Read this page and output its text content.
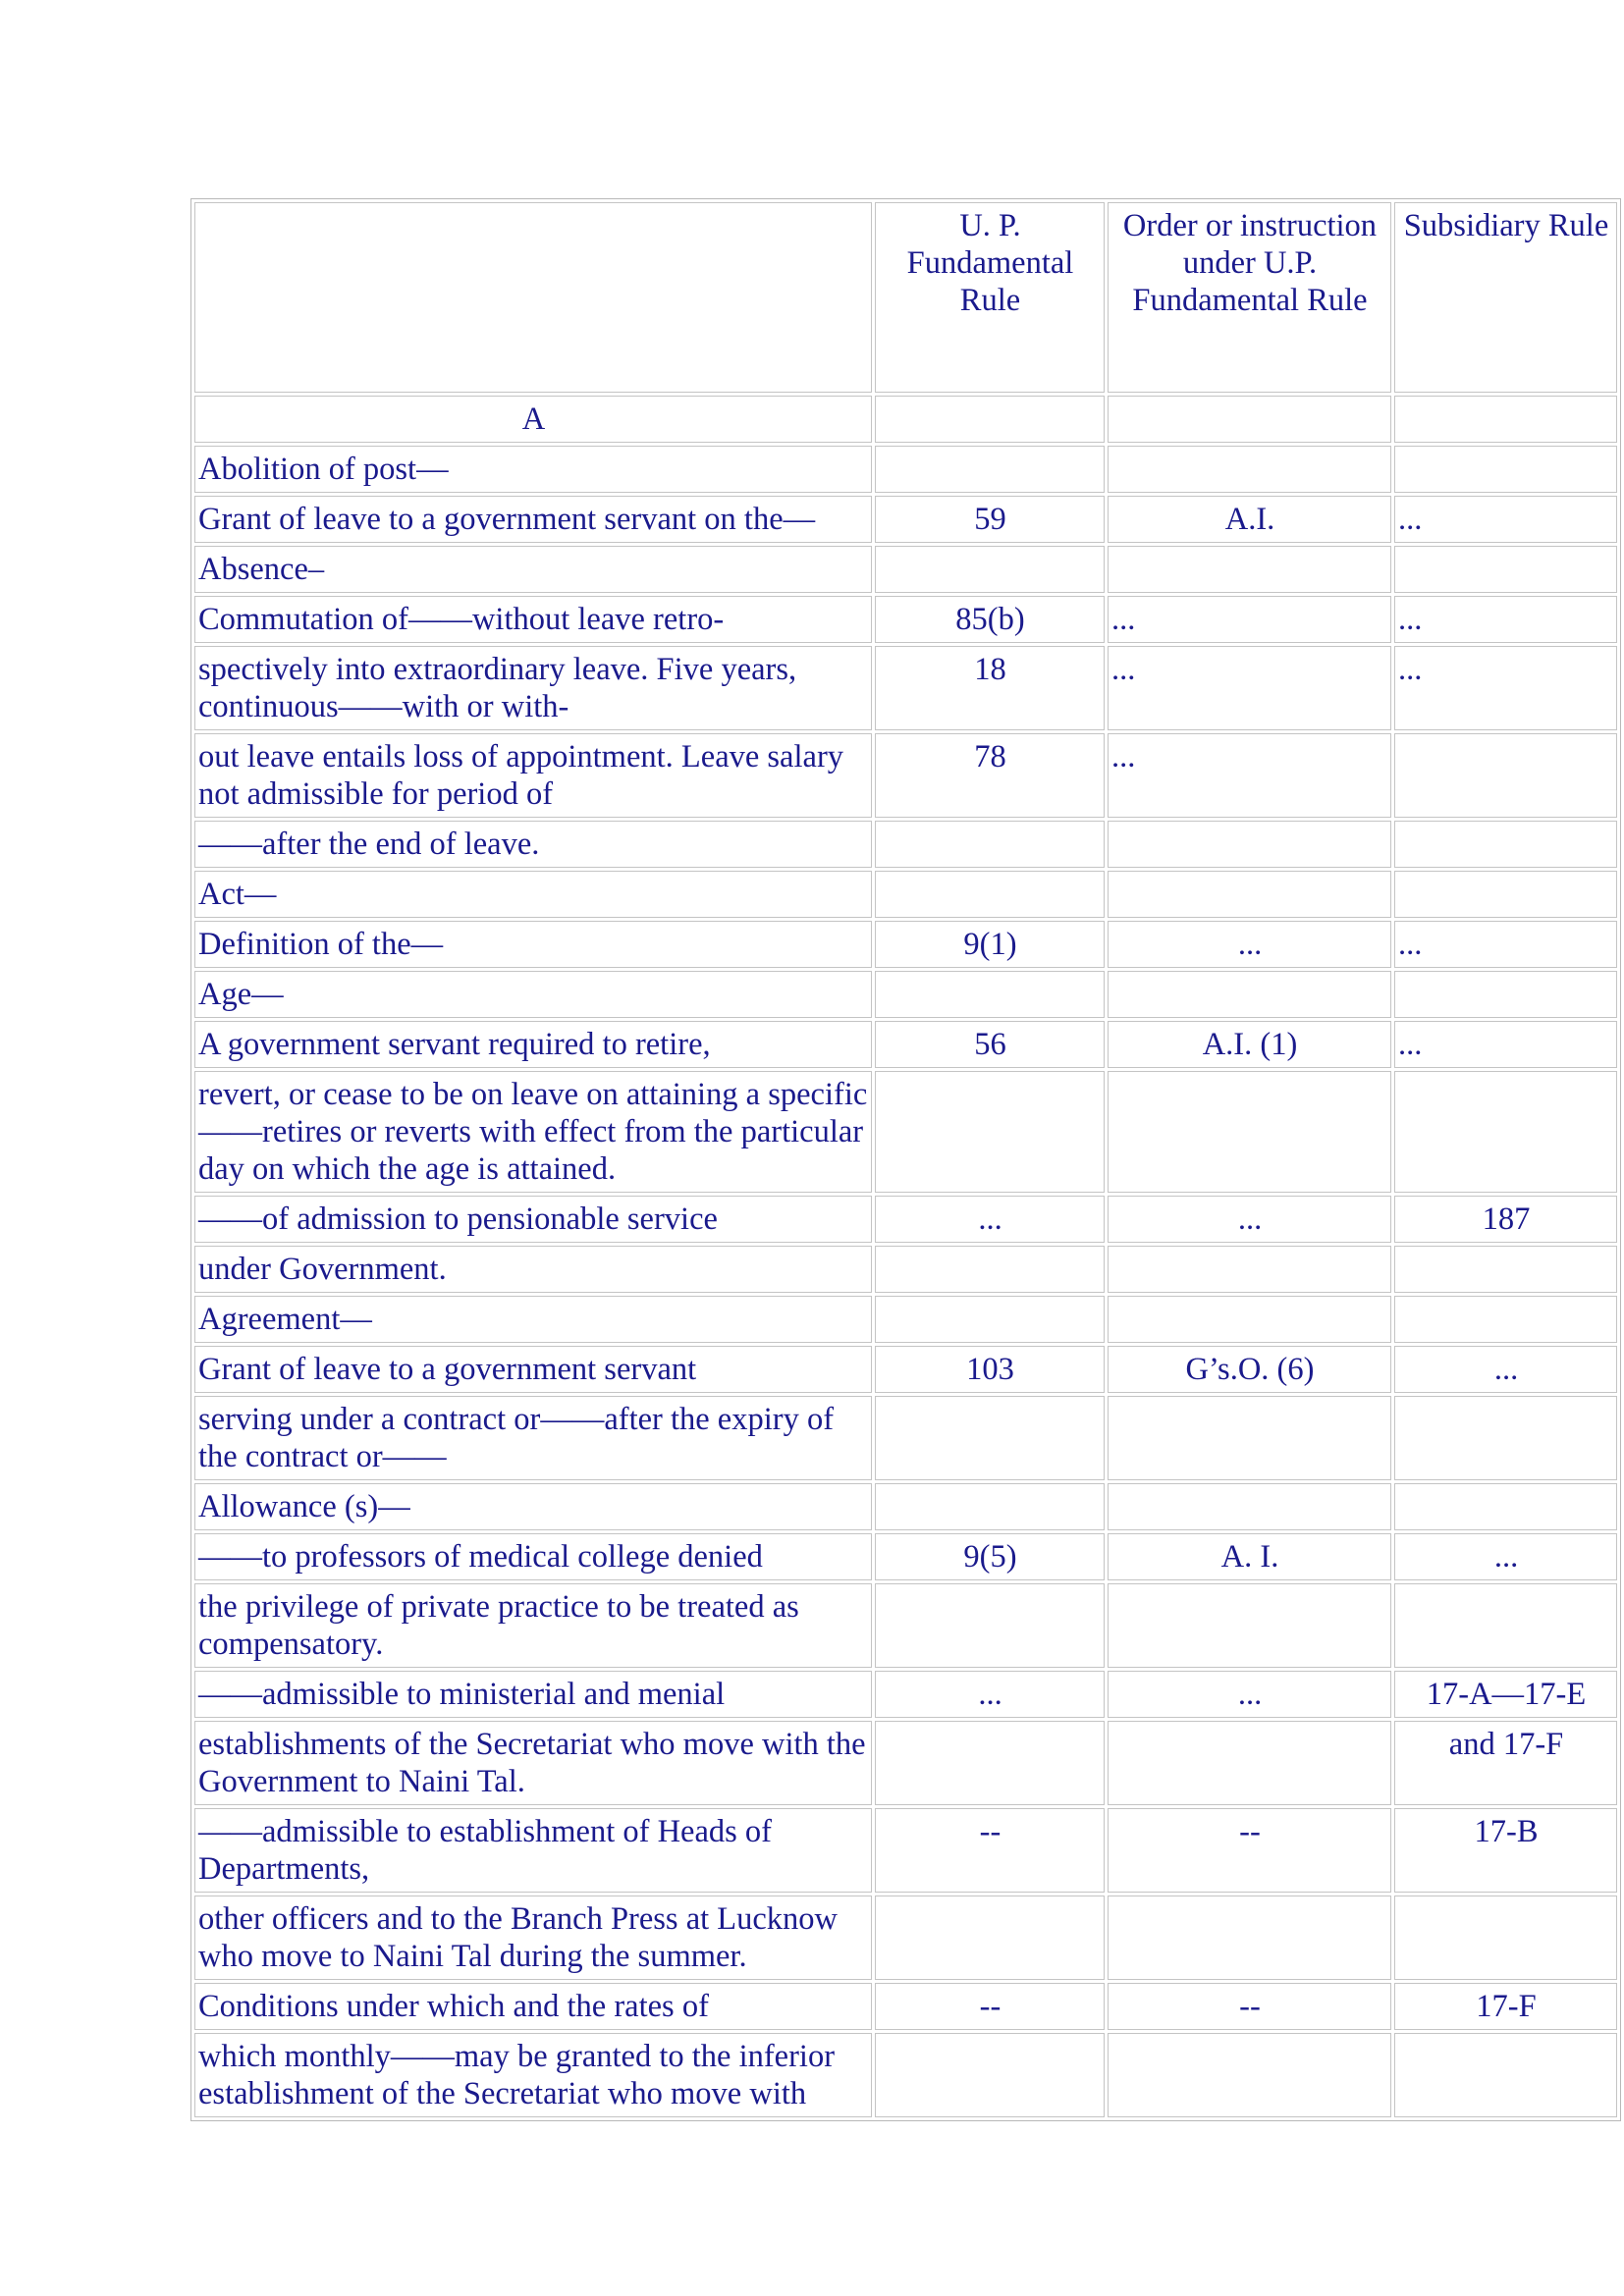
	U. P. Fundamental Rule	Order or instruction under U.P. Fundamental Rule	Subsidiary Rule
A			
Abolition of post—			
Grant of leave to a government servant on the—	59	A.I.	...
Absence–			
Commutation of——without leave retro-	85(b)	...	...
spectively into extraordinary leave. Five years, continuous——with or with-	18	...	...
out leave entails loss of appointment. Leave salary not admissible for period of	78	...	
——after the end of leave.			
Act—			
Definition of the—	9(1)	...	...
Age—			
A government servant required to retire,	56	A.I. (1)	...
revert, or cease to be on leave on attaining a specific——retires or reverts with effect from the particular day on which the age is attained.			
——of admission to pensionable service	...	...	187
under Government.			
Agreement—			
Grant of leave to a government servant	103	G’s.O. (6)	...
serving under a contract or——after the expiry of the contract or——			
Allowance (s)—			
——to professors of medical college denied	9(5)	A. I.	...
the privilege of private practice to be treated as compensatory.			
——admissible to ministerial and menial	...	...	17-A—17-E
establishments of the Secretariat who move with the Government to Naini Tal.			and 17-F
——admissible to establishment of Heads of Departments,	--	--	17-B
other officers and to the Branch Press at Lucknow who move to Naini Tal during the summer.			
Conditions under which and the rates of	--	--	17-F
which monthly——may be granted to the inferior establishment of the Secretariat who move with			
